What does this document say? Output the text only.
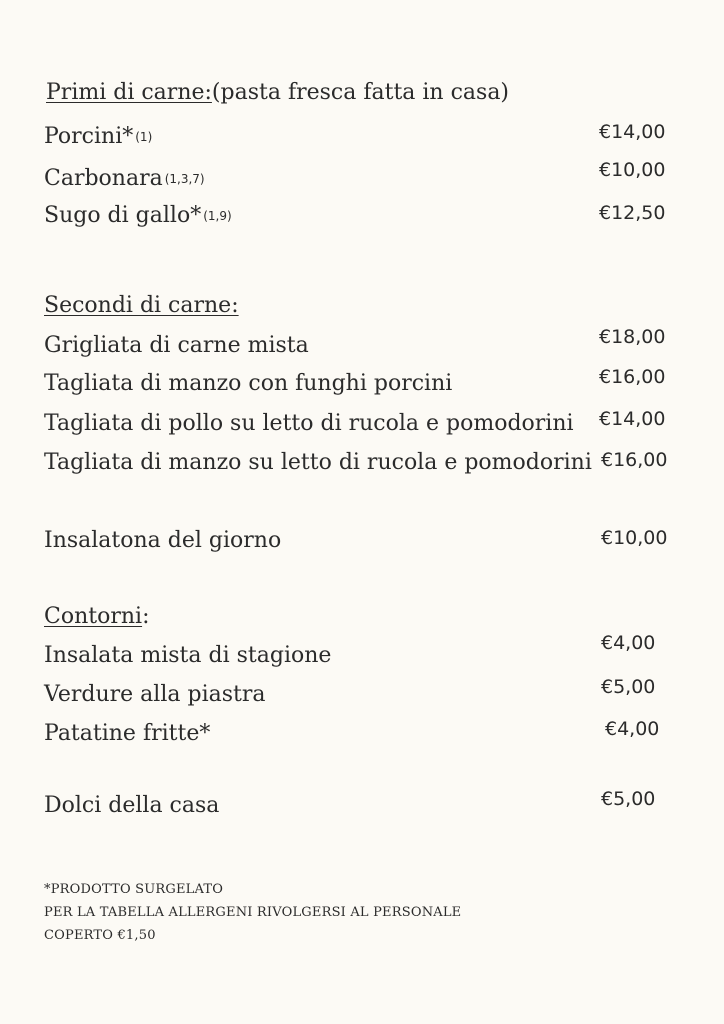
Primi di carne:(pasta fresca fatta in casa)
Porcini* (1)	€14,00
Carbonara (1,3,7)	€10,00
Sugo di gallo* (1,9)	€12,50
Secondi di carne:
Grigliata di carne mista	€18,00
Tagliata di manzo con funghi porcini	€16,00
Tagliata di pollo su letto di rucola e pomodorini €14,00
Tagliata di manzo su letto di rucola e pomodorini €16,00
Insalatona del giorno	€10,00
Contorni:
Insalata mista di stagione	€4,00
Verdure alla piastra	€5,00
Patatine fritte*	€4,00
Dolci della casa	€5,00
*PRODOTTO SURGELATO
PER LA TABELLA ALLERGENI RIVOLGERSI AL PERSONALE
COPERTO €1,50
